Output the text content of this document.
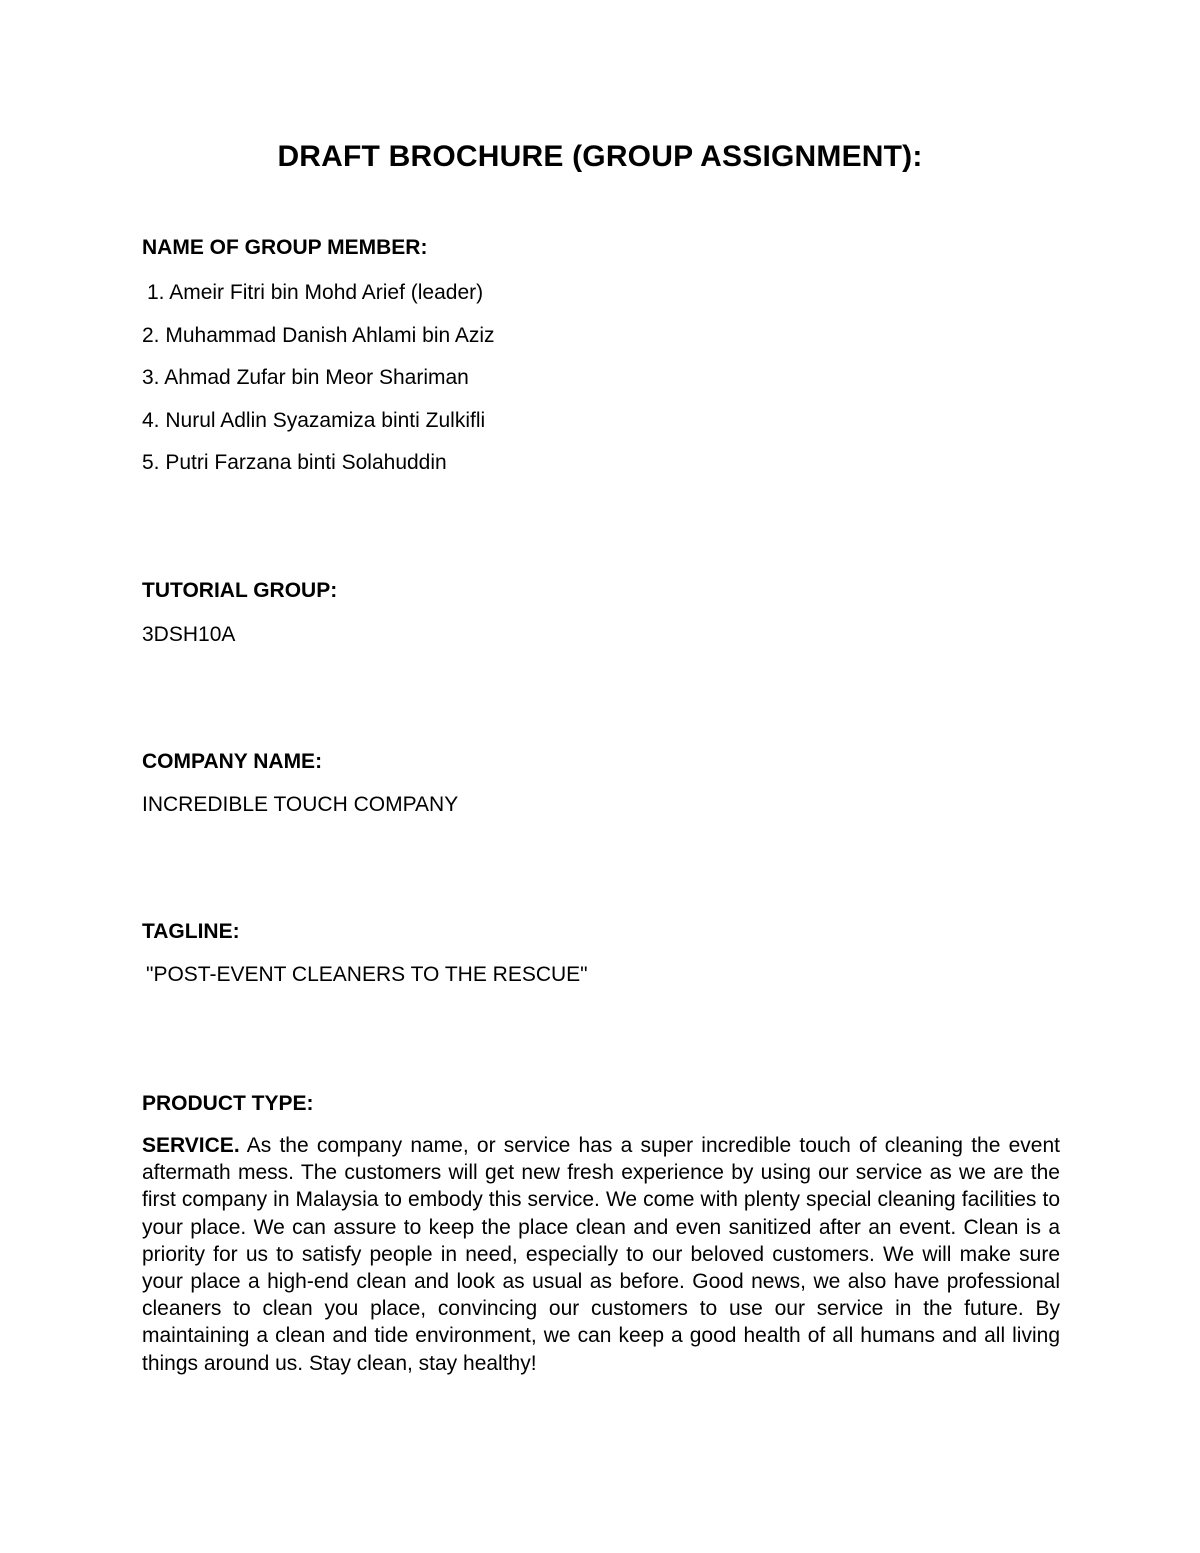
DRAFT BROCHURE (GROUP ASSIGNMENT):
NAME OF GROUP MEMBER:
1. Ameir Fitri bin Mohd Arief (leader)
2. Muhammad Danish Ahlami bin Aziz
3. Ahmad Zufar bin Meor Shariman
4. Nurul Adlin Syazamiza binti Zulkifli
5. Putri Farzana binti Solahuddin
TUTORIAL GROUP:
3DSH10A
COMPANY NAME:
INCREDIBLE TOUCH COMPANY
TAGLINE:
"POST-EVENT CLEANERS TO THE RESCUE"
PRODUCT TYPE:
SERVICE. As the company name, or service has a super incredible touch of cleaning the event aftermath mess. The customers will get new fresh experience by using our service as we are the first company in Malaysia to embody this service. We come with plenty special cleaning facilities to your place. We can assure to keep the place clean and even sanitized after an event. Clean is a priority for us to satisfy people in need, especially to our beloved customers. We will make sure your place a high-end clean and look as usual as before. Good news, we also have professional cleaners to clean you place, convincing our customers to use our service in the future. By maintaining a clean and tide environment, we can keep a good health of all humans and all living things around us. Stay clean, stay healthy!
